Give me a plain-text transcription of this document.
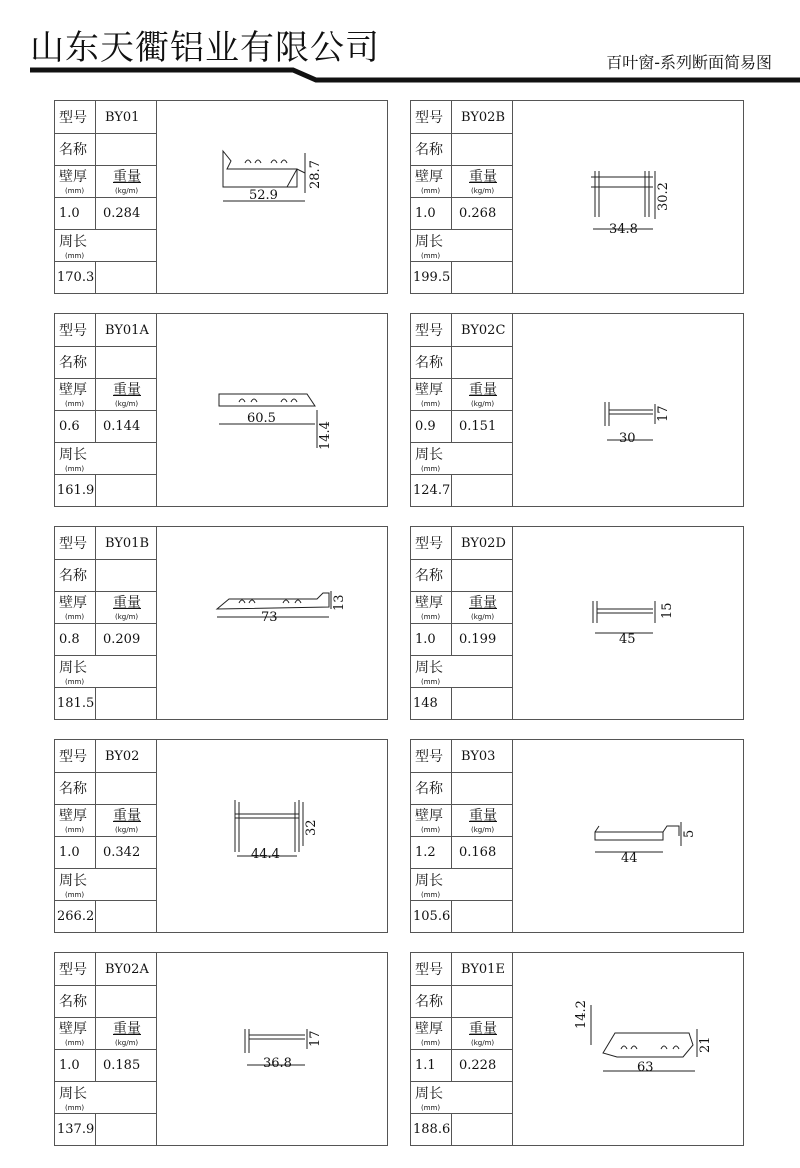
山东天衢铝业有限公司	百叶窗-系列断面简易图
型号 BY01
名称
壁厚
(mm)
重量
(kg/m)
1.0 0.284
周长
(mm)
170.3
52.9
28.7
型号 BY02B
名称
壁厚
(mm)
重量
(kg/m)
1.0 0.268
周长
(mm)
199.5
34.8
30.2
型号 BY01A
名称
壁厚
(mm)
重量
(kg/m)
0.6 0.144
周长
(mm)
161.9
60.5
14.4
型号 BY02C
名称
壁厚
(mm)
重量
(kg/m)
0.9 0.151
周长
(mm)
124.7
30
17
型号 BY01B
名称
壁厚
(mm)
重量
(kg/m)
0.8 0.209
周长
(mm)
181.5
73
13
型号 BY02D
名称
壁厚
(mm)
重量
(kg/m)
1.0 0.199
周长
(mm)
148
45
15
型号 BY02
名称
壁厚
(mm)
重量
(kg/m)
1.0 0.342
周长
(mm)
266.2
44.4
32
型号 BY03
名称
壁厚
(mm)
重量
(kg/m)
1.2 0.168
周长
(mm)
105.6
44
5
型号 BY02A
名称
壁厚
(mm)
重量
(kg/m)
1.0 0.185
周长
(mm)
137.9
36.8
17
型号 BY01E
名称
壁厚
(mm)
重量
(kg/m)
1.1 0.228
周长
(mm)
188.6
63
21
14.2
